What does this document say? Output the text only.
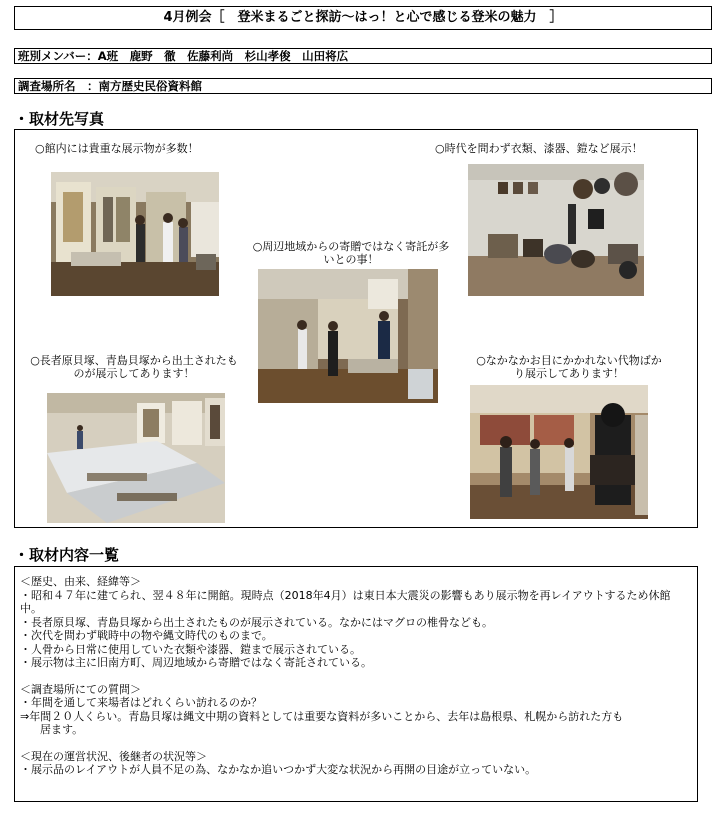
4月例会［　登米まるごと探訪～はっ！と心で感じる登米の魅力　］
班別メンバー：A班　鹿野　徹　佐藤利尚　杉山孝俊　山田将広
調査場所名　：南方歴史民俗資料館
・取材先写真
○館内には貴重な展示物が多数！	○時代を問わず衣類、漆器、鎧など展示！
○周辺地域からの寄贈ではなく寄託が多いとの事！
○長者原貝塚、青島貝塚から出土されたものが展示してあります！
○なかなかお目にかかれない代物ばかり展示してあります！
・取材内容一覧
＜歴史、由来、経緯等＞
・昭和４７年に建てられ、翌４８年に開館。現時点（2018年4月）は東日本大震災の影響もあり展示物を再レイアウトするため休館
中。
・長者原貝塚、青島貝塚から出土されたものが展示されている。なかにはマグロの椎骨なども。
・次代を問わず戦時中の物や縄文時代のものまで。
・人骨から日常に使用していた衣類や漆器、鎧まで展示されている。
・展示物は主に旧南方町、周辺地域から寄贈ではなく寄託されている。
＜調査場所にての質問＞
・年間を通して来場者はどれくらい訪れるのか？
⇒年間２０人くらい。青島貝塚は縄文中期の資料としては重要な資料が多いことから、去年は島根県、札幌から訪れた方も
居ます。
＜現在の運営状況、後継者の状況等＞
・展示品のレイアウトが人員不足の為、なかなか追いつかず大変な状況から再開の目途が立っていない。
